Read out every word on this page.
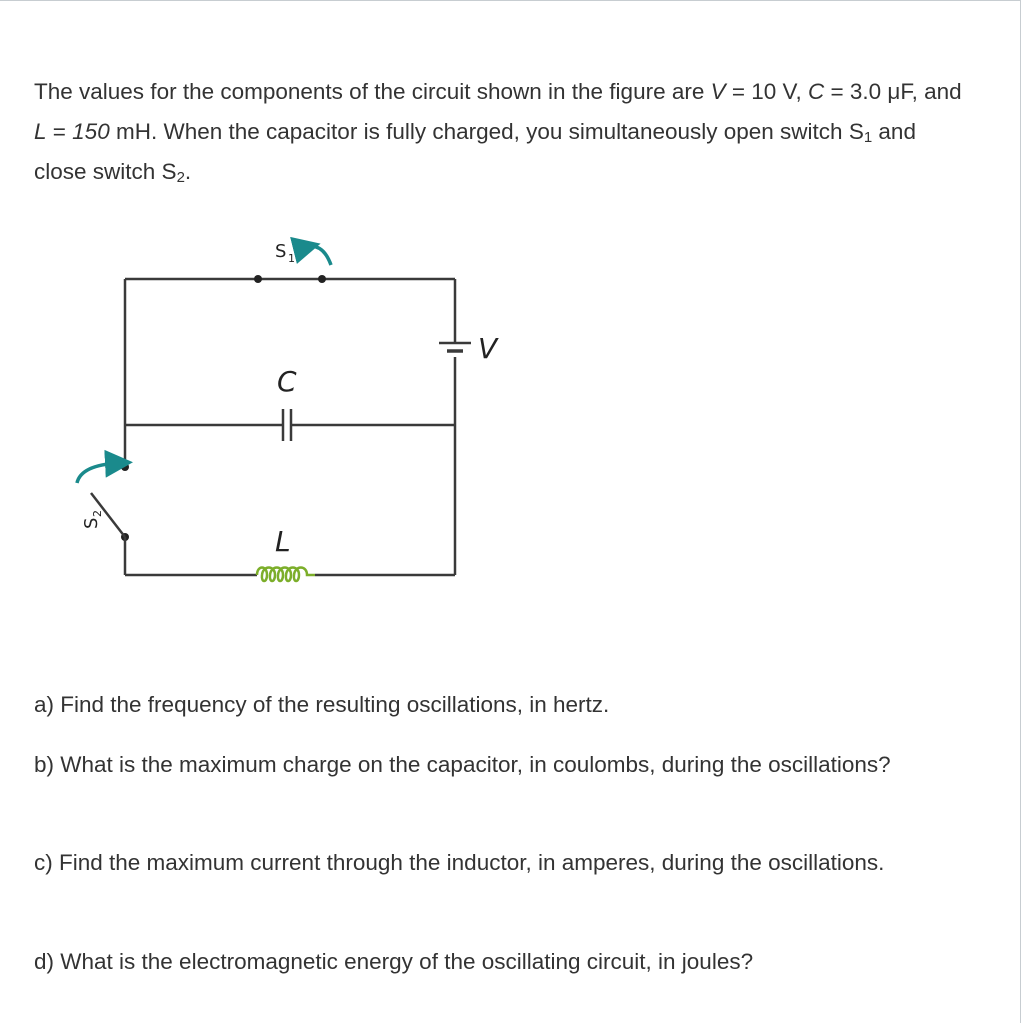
The values for the components of the circuit shown in the figure are V = 10 V, C = 3.0 μF, and L = 150 mH. When the capacitor is fully charged, you simultaneously open switch $S_1$ and close switch $S_2$.

S 1
V
C
S
2
L

a) Find the frequency of the resulting oscillations, in hertz.

b) What is the maximum charge on the capacitor, in coulombs, during the oscillations?

c) Find the maximum current through the inductor, in amperes, during the oscillations.

d) What is the electromagnetic energy of the oscillating circuit, in joules?
